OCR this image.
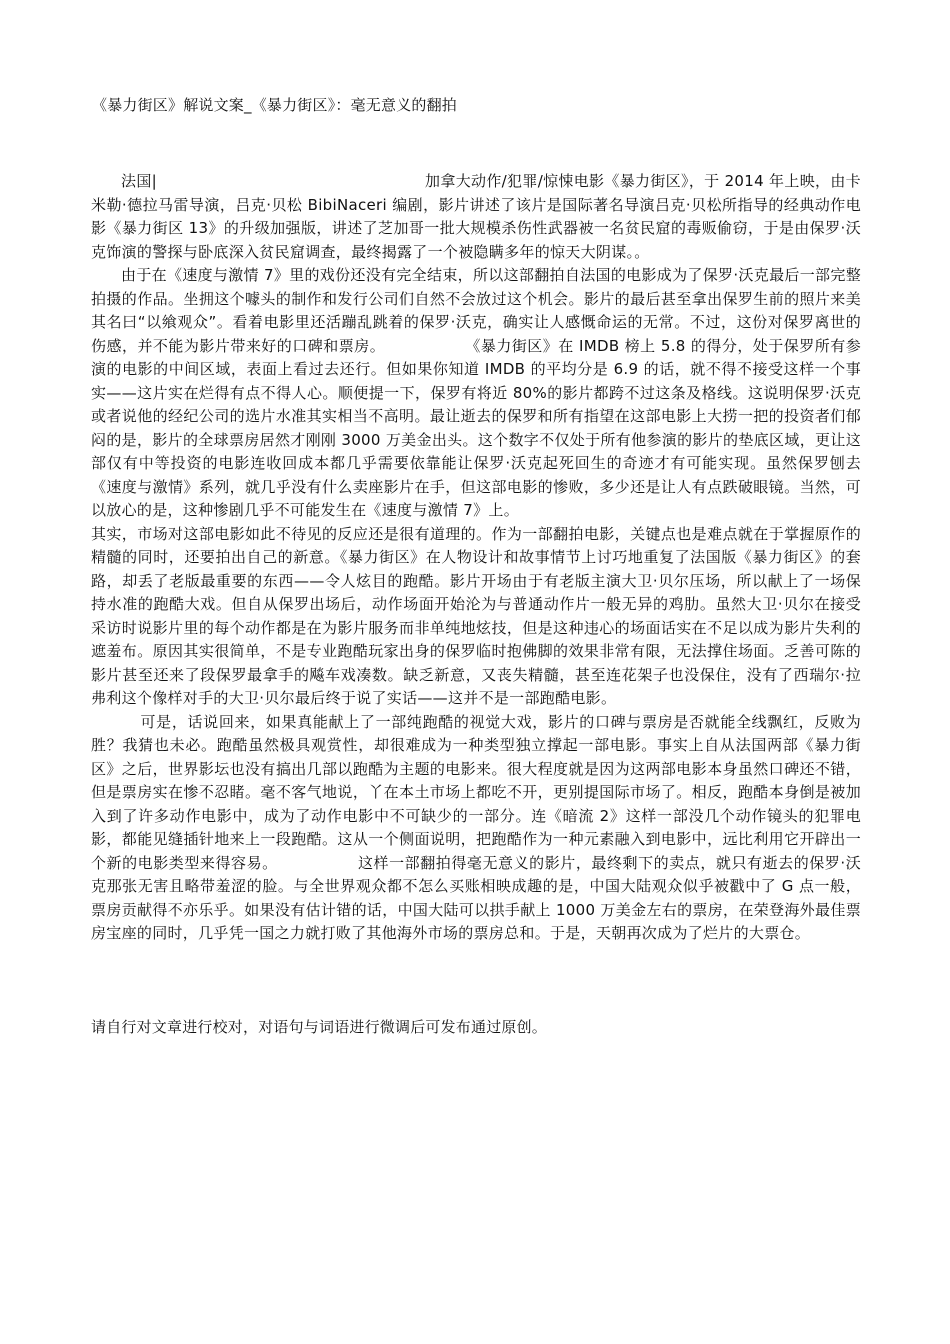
《暴力街区》解说文案_《暴力街区》：毫无意义的翻拍

法国|	加拿大动作/犯罪/惊悚电影《暴力街区》，于 2014 年上映，由卡米勒·德拉马雷导演，吕克·贝松 BibiNaceri 编剧，影片讲述了该片是国际著名导演吕克·贝松所指导的经典动作电影《暴力街区 13》的升级加强版，讲述了芝加哥一批大规模杀伤性武器被一名贫民窟的毒贩偷窃，于是由保罗·沃克饰演的警探与卧底深入贫民窟调查，最终揭露了一个被隐瞒多年的惊天大阴谋。。

由于在《速度与激情 7》里的戏份还没有完全结束，所以这部翻拍自法国的电影成为了保罗·沃克最后一部完整拍摄的作品。坐拥这个噱头的制作和发行公司们自然不会放过这个机会。影片的最后甚至拿出保罗生前的照片来美其名曰“以飨观众”。看着电影里还活蹦乱跳着的保罗·沃克，确实让人感慨命运的无常。不过，这份对保罗离世的伤感，并不能为影片带来好的口碑和票房。	《暴力街区》在 IMDB 榜上 5.8 的得分，处于保罗所有参演的电影的中间区域，表面上看过去还行。但如果你知道 IMDB 的平均分是 6.9 的话，就不得不接受这样一个事实——这片实在烂得有点不得人心。顺便提一下，保罗有将近 80%的影片都跨不过这条及格线。这说明保罗·沃克或者说他的经纪公司的选片水准其实相当不高明。最让逝去的保罗和所有指望在这部电影上大捞一把的投资者们郁闷的是，影片的全球票房居然才刚刚 3000 万美金出头。这个数字不仅处于所有他参演的影片的垫底区域，更让这部仅有中等投资的电影连收回成本都几乎需要依靠能让保罗·沃克起死回生的奇迹才有可能实现。虽然保罗刨去《速度与激情》系列，就几乎没有什么卖座影片在手，但这部电影的惨败，多少还是让人有点跌破眼镜。当然，可以放心的是，这种惨剧几乎不可能发生在《速度与激情 7》上。

其实，市场对这部电影如此不待见的反应还是很有道理的。作为一部翻拍电影，关键点也是难点就在于掌握原作的精髓的同时，还要拍出自己的新意。《暴力街区》在人物设计和故事情节上讨巧地重复了法国版《暴力街区》的套路，却丢了老版最重要的东西——令人炫目的跑酷。影片开场由于有老版主演大卫·贝尔压场，所以献上了一场保持水准的跑酷大戏。但自从保罗出场后，动作场面开始沦为与普通动作片一般无异的鸡肋。虽然大卫·贝尔在接受采访时说影片里的每个动作都是在为影片服务而非单纯地炫技，但是这种违心的场面话实在不足以成为影片失利的遮羞布。原因其实很简单，不是专业跑酷玩家出身的保罗临时抱佛脚的效果非常有限，无法撑住场面。乏善可陈的影片甚至还来了段保罗最拿手的飚车戏凑数。缺乏新意，又丧失精髓，甚至连花架子也没保住，没有了西瑞尔·拉弗利这个像样对手的大卫·贝尔最后终于说了实话——这并不是一部跑酷电影。

可是，话说回来，如果真能献上了一部纯跑酷的视觉大戏，影片的口碑与票房是否就能全线飘红，反败为胜？我猜也未必。跑酷虽然极具观赏性，却很难成为一种类型独立撑起一部电影。事实上自从法国两部《暴力街区》之后，世界影坛也没有搞出几部以跑酷为主题的电影来。很大程度就是因为这两部电影本身虽然口碑还不错，但是票房实在惨不忍睹。毫不客气地说，丫在本土市场上都吃不开，更别提国际市场了。相反，跑酷本身倒是被加入到了许多动作电影中，成为了动作电影中不可缺少的一部分。连《暗流 2》这样一部没几个动作镜头的犯罪电影，都能见缝插针地来上一段跑酷。这从一个侧面说明，把跑酷作为一种元素融入到电影中，远比利用它开辟出一个新的电影类型来得容易。	这样一部翻拍得毫无意义的影片，最终剩下的卖点，就只有逝去的保罗·沃克那张无害且略带羞涩的脸。与全世界观众都不怎么买账相映成趣的是，中国大陆观众似乎被戳中了 G 点一般，票房贡献得不亦乐乎。如果没有估计错的话，中国大陆可以拱手献上 1000 万美金左右的票房，在荣登海外最佳票房宝座的同时，几乎凭一国之力就打败了其他海外市场的票房总和。于是，天朝再次成为了烂片的大票仓。

请自行对文章进行校对，对语句与词语进行微调后可发布通过原创。
